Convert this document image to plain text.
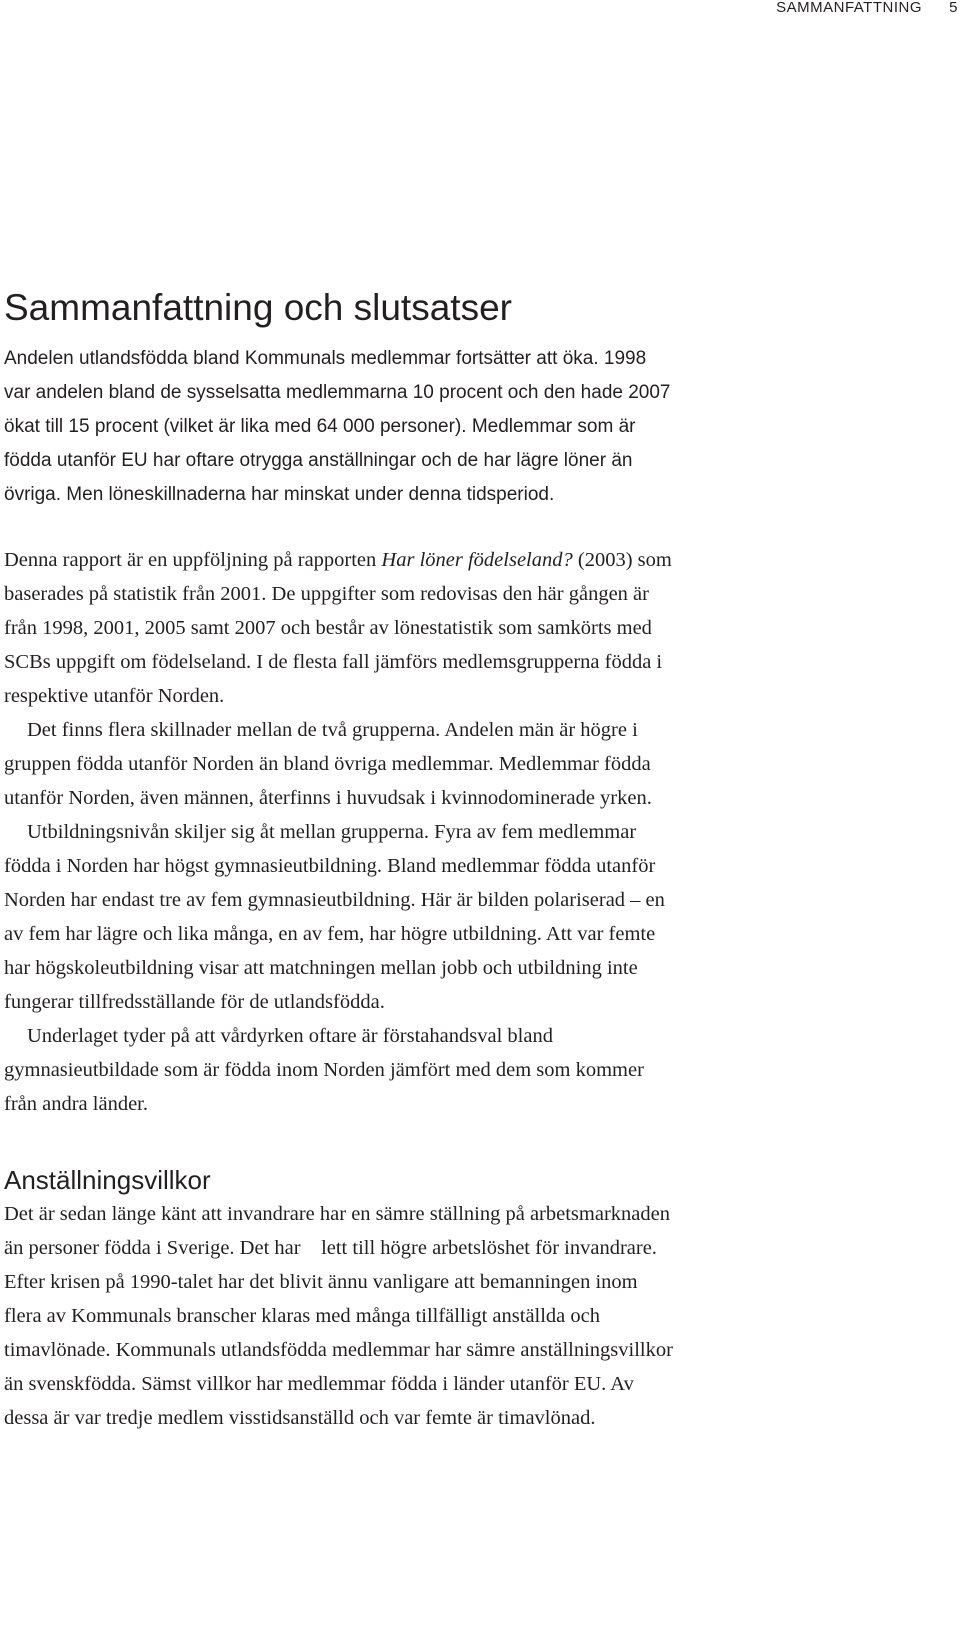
SAMMANFATTNING 5
Sammanfattning och slutsatser

Andelen utlandsfödda bland Kommunals medlemmar fortsätter att öka. 1998 var andelen bland de sysselsatta medlemmarna 10 procent och den hade 2007 ökat till 15 procent (vilket är lika med 64 000 personer). Medlemmar som är födda utanför EU har oftare otrygga anställningar och de har lägre löner än övriga. Men löneskillnaderna har minskat under denna tidsperiod.

Denna rapport är en uppföljning på rapporten Har löner födelseland? (2003) som baserades på statistik från 2001. De uppgifter som redovisas den här gången är från 1998, 2001, 2005 samt 2007 och består av lönestatistik som samkörts med SCBs uppgift om födelseland. I de flesta fall jämförs medlemsgrupperna födda i respektive utanför Norden.

Det finns flera skillnader mellan de två grupperna. Andelen män är högre i gruppen födda utanför Norden än bland övriga medlemmar. Medlemmar födda utanför Norden, även männen, återfinns i huvudsak i kvinnodominerade yrken.

Utbildningsnivån skiljer sig åt mellan grupperna. Fyra av fem medlemmar födda i Norden har högst gymnasieutbildning. Bland medlemmar födda utanför Norden har endast tre av fem gymnasieutbildning. Här är bilden polariserad – en av fem har lägre och lika många, en av fem, har högre utbildning. Att var femte har högskoleutbildning visar att matchningen mellan jobb och utbildning inte fungerar tillfredsställande för de utlandsfödda.

Underlaget tyder på att vårdyrken oftare är förstahandsval bland gymnasieutbildade som är födda inom Norden jämfört med dem som kommer från andra länder.

Anställningsvillkor

Det är sedan länge känt att invandrare har en sämre ställning på arbetsmarknaden än personer födda i Sverige. Det har lett till högre arbetslöshet för invandrare. Efter krisen på 1990-talet har det blivit ännu vanligare att bemanningen inom flera av Kommunals branscher klaras med många tillfälligt anställda och timavlönade. Kommunals utlandsfödda medlemmar har sämre anställningsvillkor än svenskfödda. Sämst villkor har medlemmar födda i länder utanför EU. Av dessa är var tredje medlem visstidsanställd och var femte är timavlönad.
